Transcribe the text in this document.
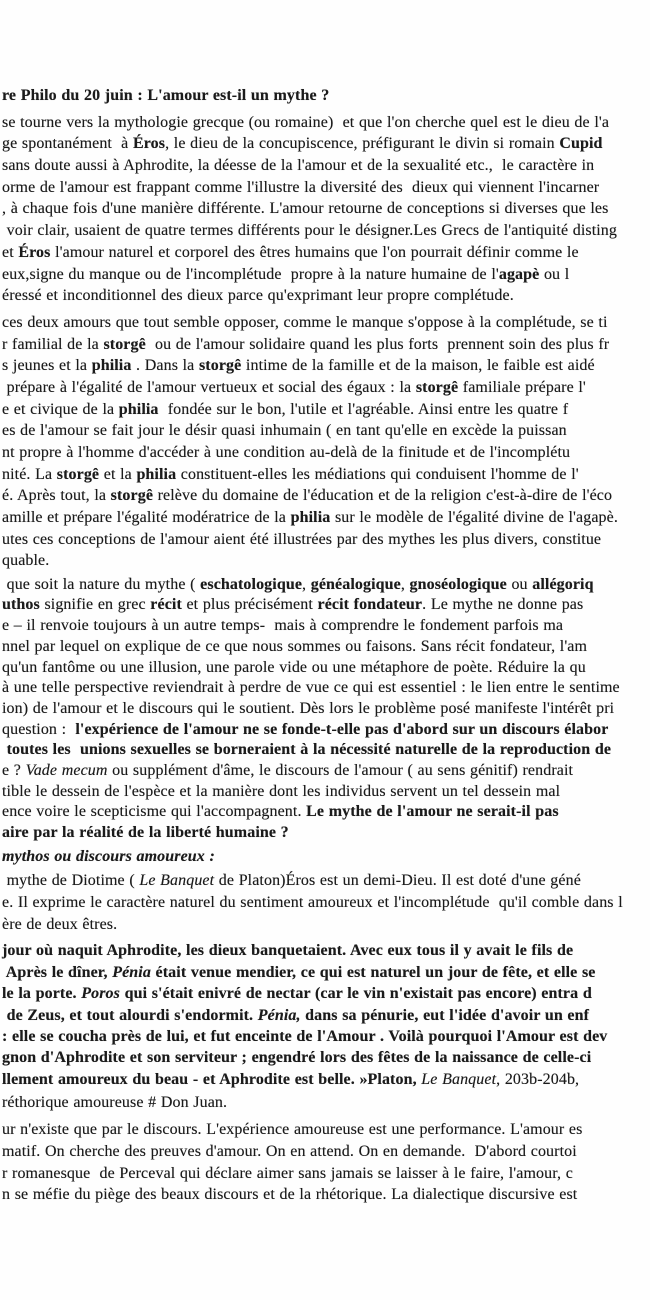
re Philo du 20 juin : L'amour est-il un mythe ?
se tourne vers la mythologie grecque (ou romaine)  et que l'on cherche quel est le dieu de l'a
ge spontanément  à Éros, le dieu de la concupiscence, préfigurant le divin si romain Cupid
sans doute aussi à Aphrodite, la déesse de la l'amour et de la sexualité etc.,  le caractère in
orme de l'amour est frappant comme l'illustre la diversité des  dieux qui viennent l'incarner
, à chaque fois d'une manière différente. L'amour retourne de conceptions si diverses que les
voir clair, usaient de quatre termes différents pour le désigner.Les Grecs de l'antiquité disting
et Éros l'amour naturel et corporel des êtres humains que l'on pourrait définir comme le
eux,signe du manque ou de l'incomplétude  propre à la nature humaine de l'agapè ou l
éressé et inconditionnel des dieux parce qu'exprimant leur propre complétude.
ces deux amours que tout semble opposer, comme le manque s'oppose à la complétude, se ti
r familial de la storgê  ou de l'amour solidaire quand les plus forts  prennent soin des plus fr
s jeunes et la philia . Dans la storgê intime de la famille et de la maison, le faible est aidé
prépare à l'égalité de l'amour vertueux et social des égaux : la storgê familiale prépare l'
e et civique de la philia  fondée sur le bon, l'utile et l'agréable. Ainsi entre les quatre f
es de l'amour se fait jour le désir quasi inhumain ( en tant qu'elle en excède la puissan
nt propre à l'homme d'accéder à une condition au-delà de la finitude et de l'incomplétu
nité. La storgê et la philia constituent-elles les médiations qui conduisent l'homme de l'
é. Après tout, la storgê relève du domaine de l'éducation et de la religion c'est-à-dire de l'éco
amille et prépare l'égalité modératrice de la philia sur le modèle de l'égalité divine de l'agapè.
utes ces conceptions de l'amour aient été illustrées par des mythes les plus divers, constitue
quable.
que soit la nature du mythe ( eschatologique, généalogique, gnoséologique ou allégoriq
uthos signifie en grec récit et plus précisément récit fondateur. Le mythe ne donne pas
e – il renvoie toujours à un autre temps-  mais à comprendre le fondement parfois ma
nnel par lequel on explique de ce que nous sommes ou faisons. Sans récit fondateur, l'am
qu'un fantôme ou une illusion, une parole vide ou une métaphore de poète. Réduire la qu
à une telle perspective reviendrait à perdre de vue ce qui est essentiel : le lien entre le sentime
ion) de l'amour et le discours qui le soutient. Dès lors le problème posé manifeste l'intérêt pri
question :  l'expérience de l'amour ne se fonde-t-elle pas d'abord sur un discours élabor
toutes les  unions sexuelles se borneraient à la nécessité naturelle de la reproduction de
e ? Vade mecum ou supplément d'âme, le discours de l'amour ( au sens génitif) rendrait
tible le dessein de l'espèce et la manière dont les individus servent un tel dessein mal
ence voire le scepticisme qui l'accompagnent. Le mythe de l'amour ne serait-il pas
aire par la réalité de la liberté humaine ?
mythos ou discours amoureux :
mythe de Diotime ( Le Banquet de Platon)Éros est un demi-Dieu. Il est doté d'une géné
e. Il exprime le caractère naturel du sentiment amoureux et l'incomplétude  qu'il comble dans l
ère de deux êtres.
jour où naquit Aphrodite, les dieux banquetaient. Avec eux tous il y avait le fils de
Après le dîner, Pénia était venue mendier, ce qui est naturel un jour de fête, et elle se
le la porte. Poros qui s'était enivré de nectar (car le vin n'existait pas encore) entra d
de Zeus, et tout alourdi s'endormit. Pénia, dans sa pénurie, eut l'idée d'avoir un enf
: elle se coucha près de lui, et fut enceinte de l'Amour . Voilà pourquoi l'Amour est dev
gnon d'Aphrodite et son serviteur ; engendré lors des fêtes de la naissance de celle-ci
llement amoureux du beau - et Aphrodite est belle. »Platon, Le Banquet, 203b-204b,
réthorique amoureuse # Don Juan.
ur n'existe que par le discours. L'expérience amoureuse est une performance. L'amour es
matif. On cherche des preuves d'amour. On en attend. On en demande.  D'abord courtoi
r romanesque  de Perceval qui déclare aimer sans jamais se laisser à le faire, l'amour, c
n se méfie du piège des beaux discours et de la rhétorique. La dialectique discursive est
